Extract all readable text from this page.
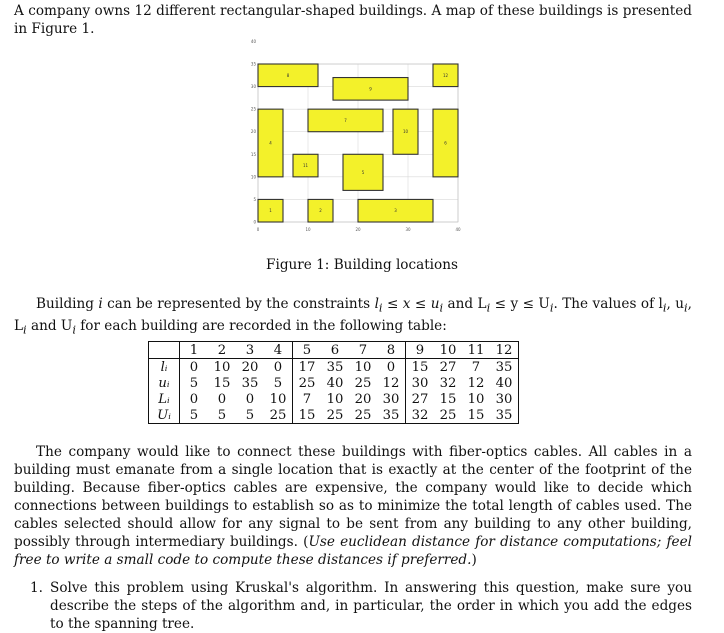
A company owns 12 different rectangular-shaped buildings. A map of these buildings is presented in Figure 1.
0	10	20	30	40
0
5
10
15
20
25
30
35
40
1	2	3
4
5
6
7
8
9
10
11
12
Figure 1: Building locations
Building i can be represented by the constraints $l_i \le x \le u_i$ and $L_i \le y \le U_i$. The values of $l_i$, $u_i$, $L_i$ and $U_i$ for each building are recorded in the following table:
	1	2	3	4	5	6	7	8	9	10	11	12
lᵢ	0	10	20	0	17	35	10	0	15	27	7	35
uᵢ	5	15	35	5	25	40	25	12	30	32	12	40
Lᵢ	0	0	0	10	7	10	20	30	27	15	10	30
Uᵢ	5	5	5	25	15	25	25	35	32	25	15	35
The company would like to connect these buildings with fiber-optics cables. All cables in a building must emanate from a single location that is exactly at the center of the footprint of the building. Because fiber-optics cables are expensive, the company would like to decide which connections between buildings to establish so as to minimize the total length of cables used. The cables selected should allow for any signal to be sent from any building to any other building, possibly through intermediary buildings. (Use euclidean distance for distance computations; feel free to write a small code to compute these distances if preferred.)
1. Solve this problem using Kruskal's algorithm. In answering this question, make sure you describe the steps of the algorithm and, in particular, the order in which you add the edges to the spanning tree.
